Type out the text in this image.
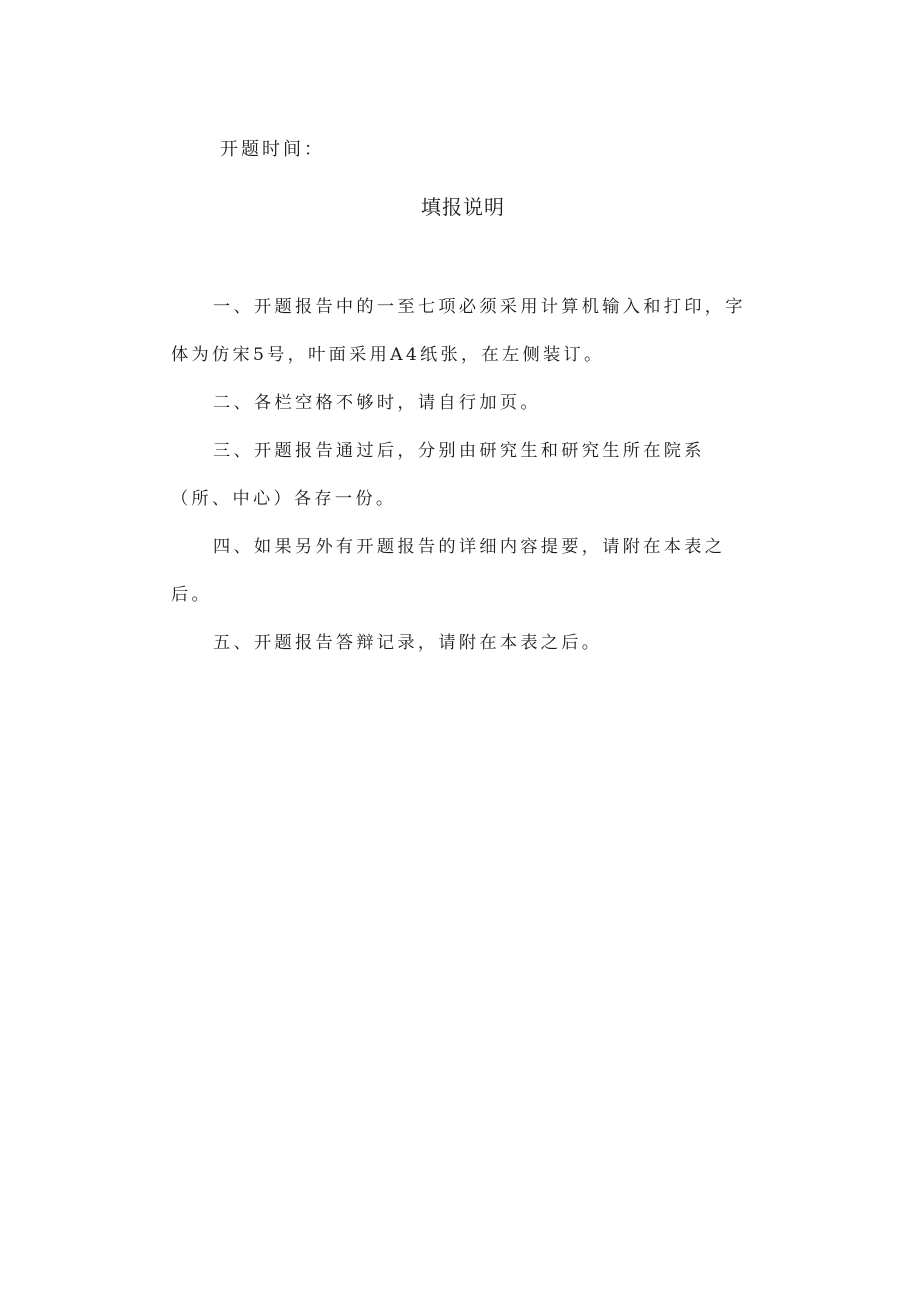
开题时间：
填报说明

一、开题报告中的一至七项必须采用计算机输入和打印，字体为仿宋5号，叶面采用A4纸张，在左侧装订。

二、各栏空格不够时，请自行加页。

三、开题报告通过后，分别由研究生和研究生所在院系（所、中心）各存一份。

四、如果另外有开题报告的详细内容提要，请附在本表之后。

五、开题报告答辩记录，请附在本表之后。
